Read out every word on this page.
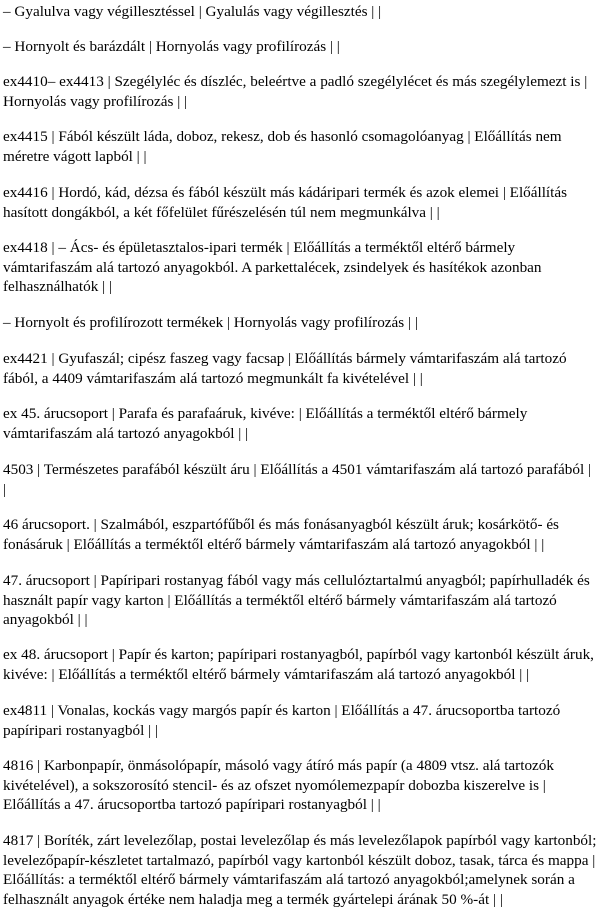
– Gyalulva vagy végillesztéssel | Gyalulás vagy végillesztés | |

– Hornyolt és barázdált | Hornyolás vagy profilírozás | |

ex4410– ex4413 | Szegélyléc és díszléc, beleértve a padló szegélylécet és más szegélylemezt is | Hornyolás vagy profilírozás | |

ex4415 | Fából készült láda, doboz, rekesz, dob és hasonló csomagolóanyag | Előállítás nem méretre vágott lapból | |

ex4416 | Hordó, kád, dézsa és fából készült más kádáripari termék és azok elemei | Előállítás hasított dongákból, a két főfelület fűrészelésén túl nem megmunkálva | |

ex4418 | – Ács- és épületasztalos-ipari termék | Előállítás a terméktől eltérő bármely vámtarifaszám alá tartozó anyagokból. A parkettalécek, zsindelyek és hasítékok azonban felhasználhatók | |

– Hornyolt és profilírozott termékek | Hornyolás vagy profilírozás | |

ex4421 | Gyufaszál; cipész faszeg vagy facsap | Előállítás bármely vámtarifaszám alá tartozó fából, a 4409 vámtarifaszám alá tartozó megmunkált fa kivételével | |

ex 45. árucsoport | Parafa és parafaáruk, kivéve: | Előállítás a terméktől eltérő bármely vámtarifaszám alá tartozó anyagokból | |

4503 | Természetes parafából készült áru | Előállítás a 4501 vámtarifaszám alá tartozó parafából | |

46 árucsoport. | Szalmából, eszpartófűből és más fonásanyagból készült áruk; kosárkötő- és fonásáruk | Előállítás a terméktől eltérő bármely vámtarifaszám alá tartozó anyagokból | |

47. árucsoport | Papíripari rostanyag fából vagy más cellulóztartalmú anyagból; papírhulladék és használt papír vagy karton | Előállítás a terméktől eltérő bármely vámtarifaszám alá tartozó anyagokból | |

ex 48. árucsoport | Papír és karton; papíripari rostanyagból, papírból vagy kartonból készült áruk, kivéve: | Előállítás a terméktől eltérő bármely vámtarifaszám alá tartozó anyagokból | |

ex4811 | Vonalas, kockás vagy margós papír és karton | Előállítás a 47. árucsoportba tartozó papíripari rostanyagból | |

4816 | Karbonpapír, önmásolópapír, másoló vagy átíró más papír (a 4809 vtsz. alá tartozók kivételével), a sokszorosító stencil- és az ofszet nyomólemezpapír dobozba kiszerelve is | Előállítás a 47. árucsoportba tartozó papíripari rostanyagból | |

4817 | Boríték, zárt levelezőlap, postai levelezőlap és más levelezőlapok papírból vagy kartonból; levelezőpapír-készletet tartalmazó, papírból vagy kartonból készült doboz, tasak, tárca és mappa | Előállítás: a terméktől eltérő bármely vámtarifaszám alá tartozó anyagokból;amelynek során a felhasznált anyagok értéke nem haladja meg a termék gyártelepi árának 50 %-át | |
